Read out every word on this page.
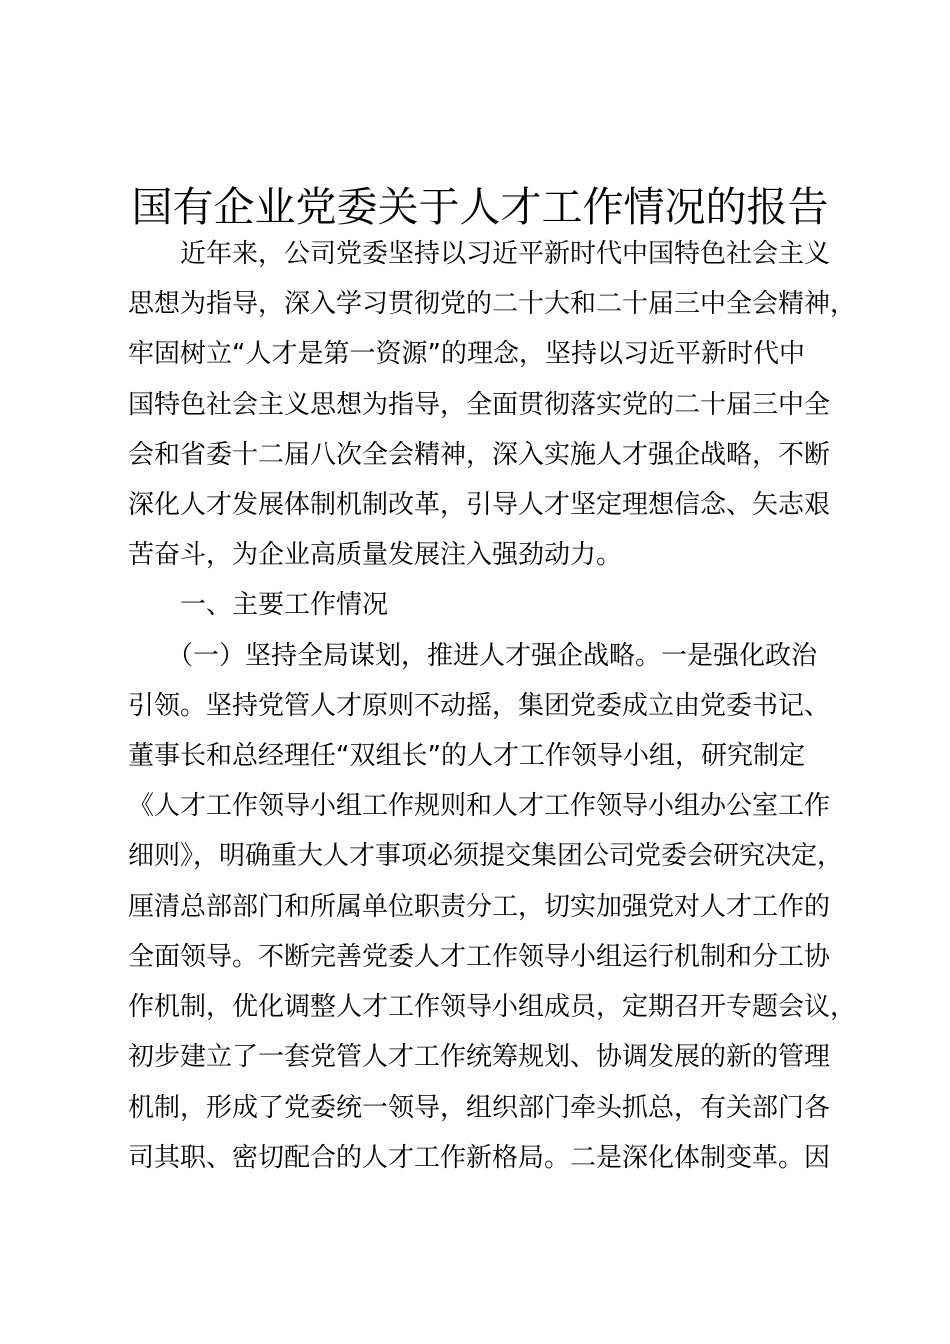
国有企业党委关于人才工作情况的报告
　　近年来，公司党委坚持以习近平新时代中国特色社会主义
思想为指导，深入学习贯彻党的二十大和二十届三中全会精神，
牢固树立“人才是第一资源”的理念，坚持以习近平新时代中
国特色社会主义思想为指导，全面贯彻落实党的二十届三中全
会和省委十二届八次全会精神，深入实施人才强企战略，不断
深化人才发展体制机制改革，引导人才坚定理想信念、矢志艰
苦奋斗，为企业高质量发展注入强劲动力。
　　一、主要工作情况
　　（一）坚持全局谋划，推进人才强企战略。一是强化政治
引领。坚持党管人才原则不动摇，集团党委成立由党委书记、
董事长和总经理任“双组长”的人才工作领导小组，研究制定
《人才工作领导小组工作规则和人才工作领导小组办公室工作
细则》，明确重大人才事项必须提交集团公司党委会研究决定，
厘清总部部门和所属单位职责分工，切实加强党对人才工作的
全面领导。不断完善党委人才工作领导小组运行机制和分工协
作机制，优化调整人才工作领导小组成员，定期召开专题会议，
初步建立了一套党管人才工作统筹规划、协调发展的新的管理
机制，形成了党委统一领导，组织部门牵头抓总，有关部门各
司其职、密切配合的人才工作新格局。二是深化体制变革。因
